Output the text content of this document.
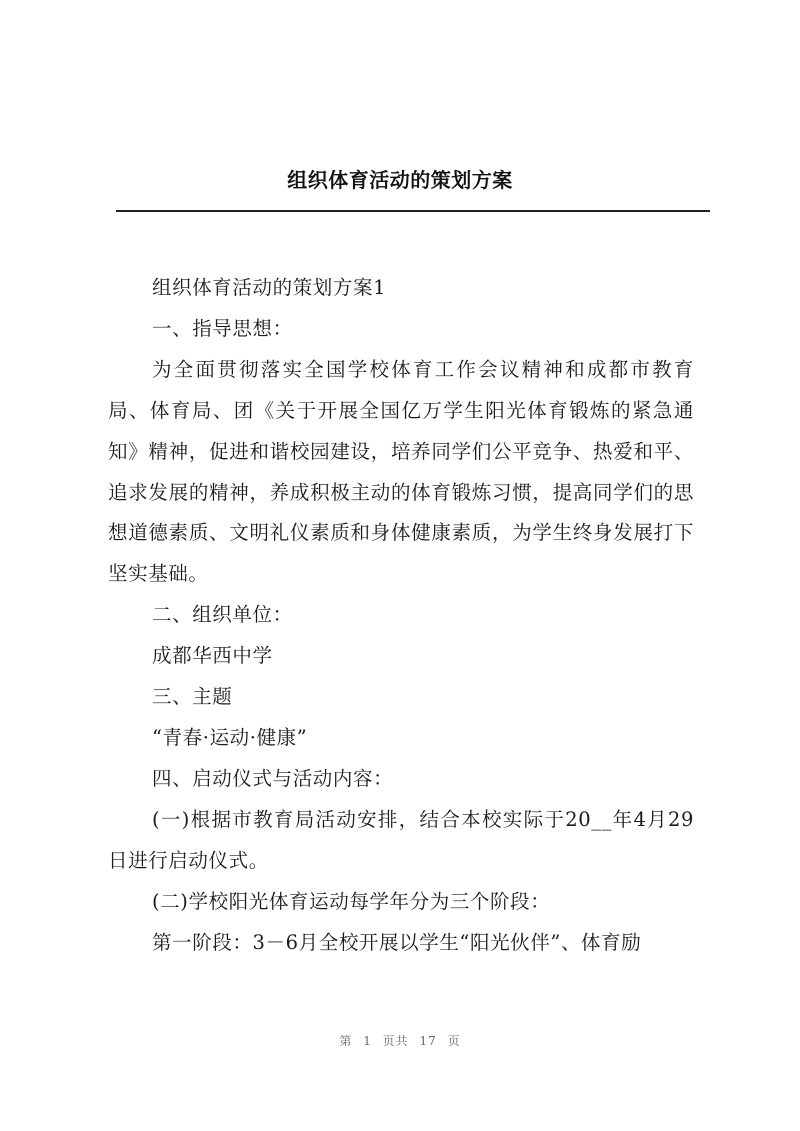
组织体育活动的策划方案

组织体育活动的策划方案1

一、指导思想：

为全面贯彻落实全国学校体育工作会议精神和成都市教育局、体育局、团《关于开展全国亿万学生阳光体育锻炼的紧急通知》精神，促进和谐校园建设，培养同学们公平竞争、热爱和平、追求发展的精神，养成积极主动的体育锻炼习惯，提高同学们的思想道德素质、文明礼仪素质和身体健康素质，为学生终身发展打下坚实基础。

二、组织单位：

成都华西中学

三、主题

“青春·运动·健康”

四、启动仪式与活动内容：

(一)根据市教育局活动安排，结合本校实际于20__年4月29日进行启动仪式。

(二)学校阳光体育运动每学年分为三个阶段：

第一阶段：3－6月全校开展以学生“阳光伙伴”、体育励

第 1 页共 17 页
